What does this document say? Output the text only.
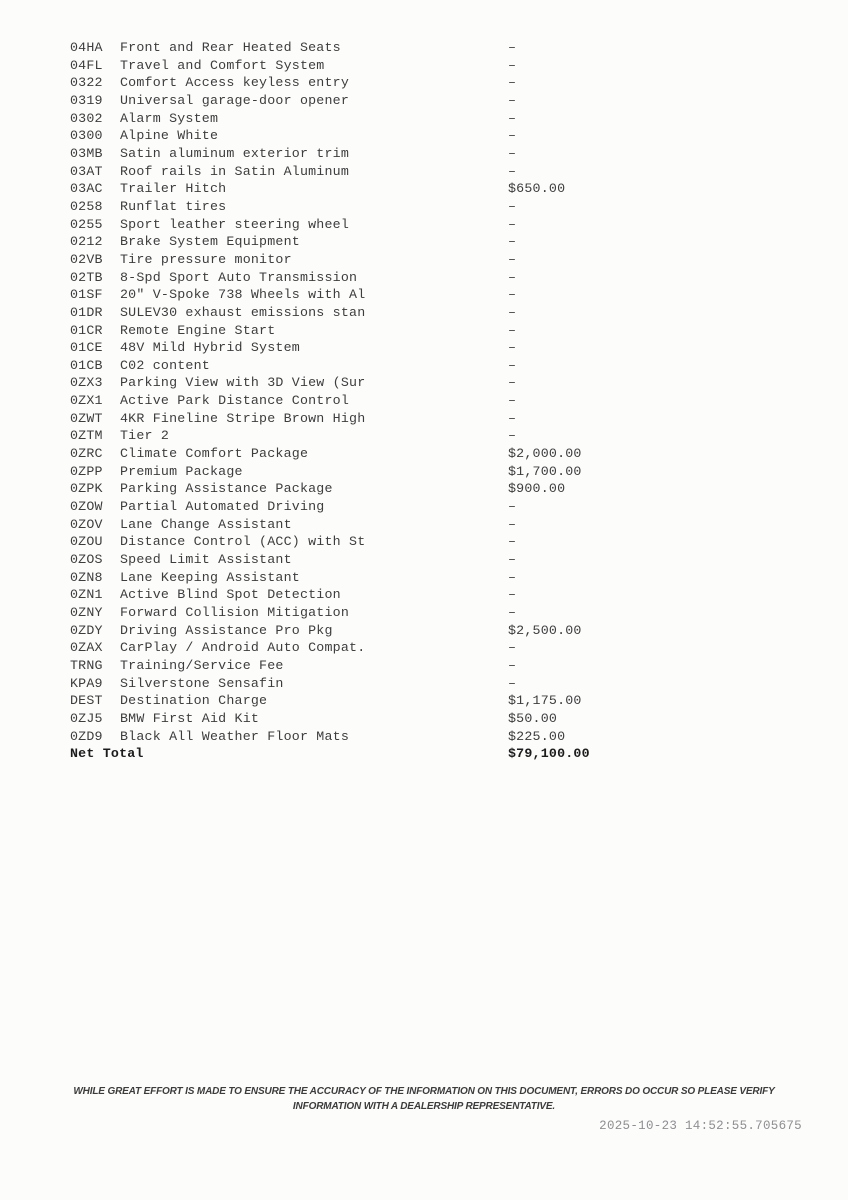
04HA	Front and Rear Heated Seats	–
04FL	Travel and Comfort System	–
0322	Comfort Access keyless entry	–
0319	Universal garage-door opener	–
0302	Alarm System	–
0300	Alpine White	–
03MB	Satin aluminum exterior trim	–
03AT	Roof rails in Satin Aluminum	–
03AC	Trailer Hitch	$650.00
0258	Runflat tires	–
0255	Sport leather steering wheel	–
0212	Brake System Equipment	–
02VB	Tire pressure monitor	–
02TB	8-Spd Sport Auto Transmission	–
01SF	20" V-Spoke 738 Wheels with Al	–
01DR	SULEV30 exhaust emissions stan	–
01CR	Remote Engine Start	–
01CE	48V Mild Hybrid System	–
01CB	C02 content	–
0ZX3	Parking View with 3D View (Sur	–
0ZX1	Active Park Distance Control	–
0ZWT	4KR Fineline Stripe Brown High	–
0ZTM	Tier 2	–
0ZRC	Climate Comfort Package	$2,000.00
0ZPP	Premium Package	$1,700.00
0ZPK	Parking Assistance Package	$900.00
0ZOW	Partial Automated Driving	–
0ZOV	Lane Change Assistant	–
0ZOU	Distance Control (ACC) with St	–
0ZOS	Speed Limit Assistant	–
0ZN8	Lane Keeping Assistant	–
0ZN1	Active Blind Spot Detection	–
0ZNY	Forward Collision Mitigation	–
0ZDY	Driving Assistance Pro Pkg	$2,500.00
0ZAX	CarPlay / Android Auto Compat.	–
TRNG	Training/Service Fee	–
KPA9	Silverstone Sensafin	–
DEST	Destination Charge	$1,175.00
0ZJ5	BMW First Aid Kit	$50.00
0ZD9	Black All Weather Floor Mats	$225.00
Net Total	$79,100.00
WHILE GREAT EFFORT IS MADE TO ENSURE THE ACCURACY OF THE INFORMATION ON THIS DOCUMENT, ERRORS DO OCCUR SO PLEASE VERIFY INFORMATION WITH A DEALERSHIP REPRESENTATIVE.
2025-10-23 14:52:55.705675
